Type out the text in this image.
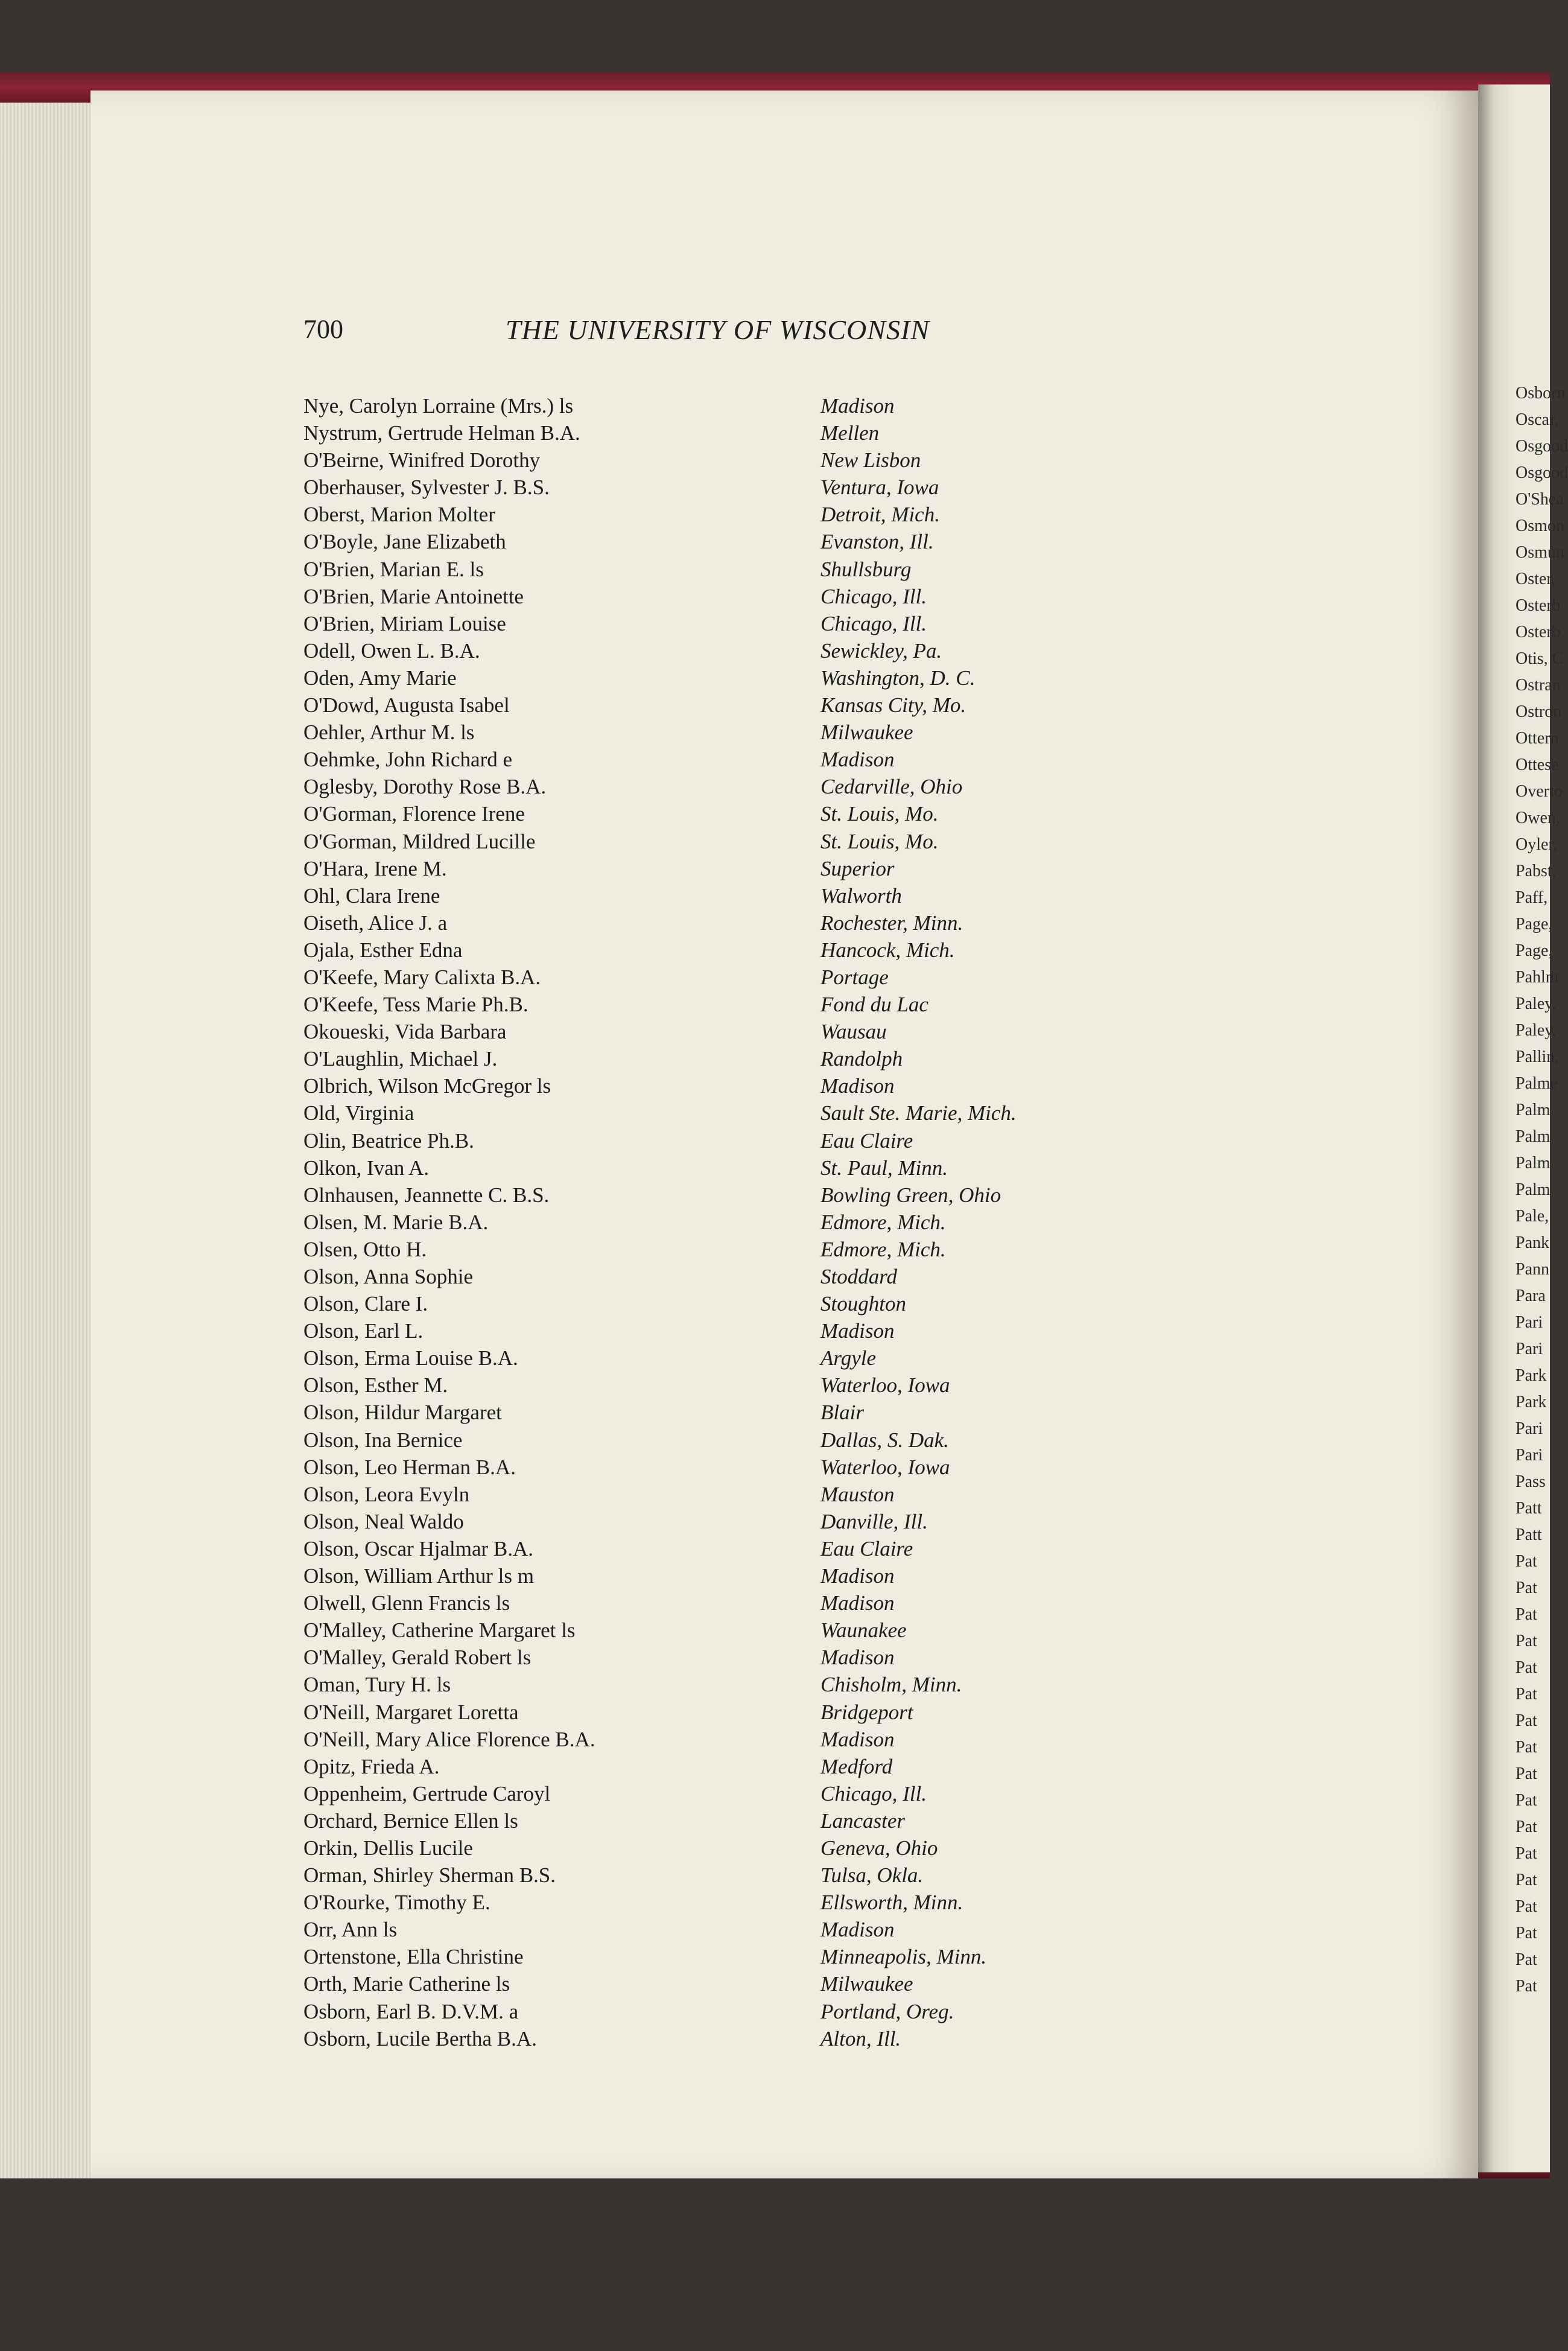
Osborn
Oscar,
Osgood
Osgood
O'Shea
Osmon
Osmun
Oster,
Osterb
Osterb
Otis, C
Ostran
Ostron
Ottern
Ottese
Overto
Owen,
Oyler,
Pabst,
Paff,
Page,
Page,
Pahlm
Paley,
Paley,
Pallin,
Palme
Palm
Palm
Palm
Palm
Pale,
Pank
Pann
Para
Pari
Pari
Park
Park
Pari
Pari
Pass
Patt
Patt
Pat
Pat
Pat
Pat
Pat
Pat
Pat
Pat
Pat
Pat
Pat
Pat
Pat
Pat
Pat
Pat
Pat
700	THE UNIVERSITY OF WISCONSIN
Nye, Carolyn Lorraine (Mrs.) ls	Madison
Nystrum, Gertrude Helman B.A.	Mellen
O'Beirne, Winifred Dorothy	New Lisbon
Oberhauser, Sylvester J. B.S.	Ventura, Iowa
Oberst, Marion Molter	Detroit, Mich.
O'Boyle, Jane Elizabeth	Evanston, Ill.
O'Brien, Marian E. ls	Shullsburg
O'Brien, Marie Antoinette	Chicago, Ill.
O'Brien, Miriam Louise	Chicago, Ill.
Odell, Owen L. B.A.	Sewickley, Pa.
Oden, Amy Marie	Washington, D. C.
O'Dowd, Augusta Isabel	Kansas City, Mo.
Oehler, Arthur M. ls	Milwaukee
Oehmke, John Richard e	Madison
Oglesby, Dorothy Rose B.A.	Cedarville, Ohio
O'Gorman, Florence Irene	St. Louis, Mo.
O'Gorman, Mildred Lucille	St. Louis, Mo.
O'Hara, Irene M.	Superior
Ohl, Clara Irene	Walworth
Oiseth, Alice J. a	Rochester, Minn.
Ojala, Esther Edna	Hancock, Mich.
O'Keefe, Mary Calixta B.A.	Portage
O'Keefe, Tess Marie Ph.B.	Fond du Lac
Okoueski, Vida Barbara	Wausau
O'Laughlin, Michael J.	Randolph
Olbrich, Wilson McGregor ls	Madison
Old, Virginia	Sault Ste. Marie, Mich.
Olin, Beatrice Ph.B.	Eau Claire
Olkon, Ivan A.	St. Paul, Minn.
Olnhausen, Jeannette C. B.S.	Bowling Green, Ohio
Olsen, M. Marie B.A.	Edmore, Mich.
Olsen, Otto H.	Edmore, Mich.
Olson, Anna Sophie	Stoddard
Olson, Clare I.	Stoughton
Olson, Earl L.	Madison
Olson, Erma Louise B.A.	Argyle
Olson, Esther M.	Waterloo, Iowa
Olson, Hildur Margaret	Blair
Olson, Ina Bernice	Dallas, S. Dak.
Olson, Leo Herman B.A.	Waterloo, Iowa
Olson, Leora Evyln	Mauston
Olson, Neal Waldo	Danville, Ill.
Olson, Oscar Hjalmar B.A.	Eau Claire
Olson, William Arthur ls m	Madison
Olwell, Glenn Francis ls	Madison
O'Malley, Catherine Margaret ls	Waunakee
O'Malley, Gerald Robert ls	Madison
Oman, Tury H. ls	Chisholm, Minn.
O'Neill, Margaret Loretta	Bridgeport
O'Neill, Mary Alice Florence B.A.	Madison
Opitz, Frieda A.	Medford
Oppenheim, Gertrude Caroyl	Chicago, Ill.
Orchard, Bernice Ellen ls	Lancaster
Orkin, Dellis Lucile	Geneva, Ohio
Orman, Shirley Sherman B.S.	Tulsa, Okla.
O'Rourke, Timothy E.	Ellsworth, Minn.
Orr, Ann ls	Madison
Ortenstone, Ella Christine	Minneapolis, Minn.
Orth, Marie Catherine ls	Milwaukee
Osborn, Earl B. D.V.M. a	Portland, Oreg.
Osborn, Lucile Bertha B.A.	Alton, Ill.
